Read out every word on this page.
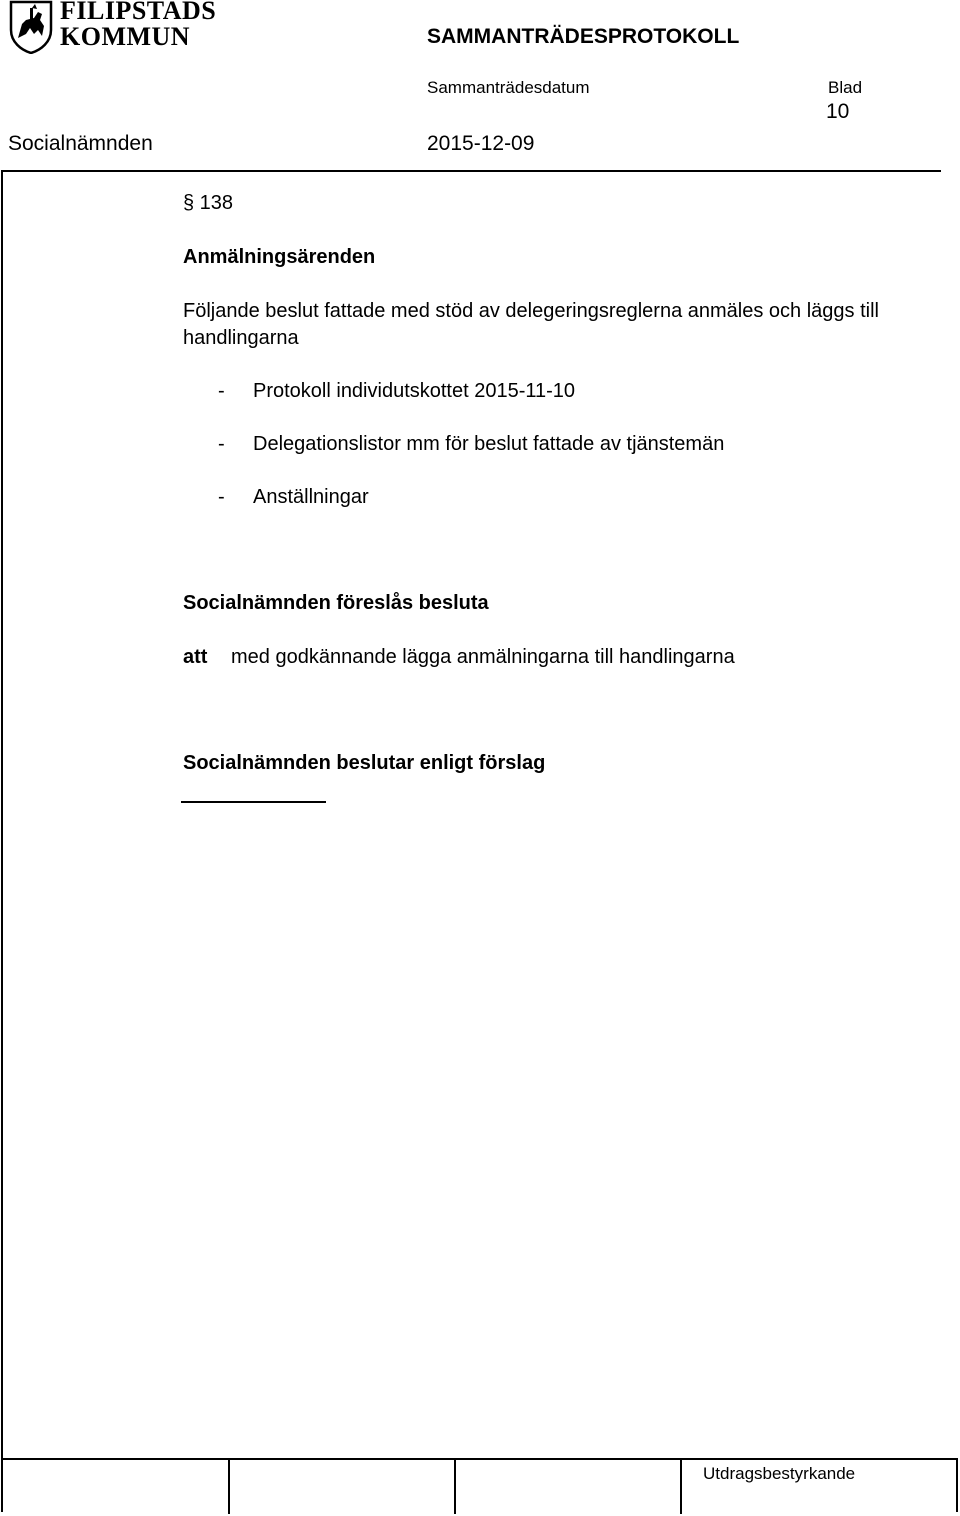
FILIPSTADS
KOMMUN	SAMMANTRÄDESPROTOKOLL
Sammanträdesdatum	Blad
10
Socialnämnden	2015-12-09
§ 138
Anmälningsärenden
Följande beslut fattade med stöd av delegeringsreglerna anmäles och läggs till handlingarna
- Protokoll individutskottet 2015-11-10
- Delegationslistor mm för beslut fattade av tjänstemän
- Anställningar
Socialnämnden föreslås besluta
att med godkännande lägga anmälningarna till handlingarna
Socialnämnden beslutar enligt förslag
Utdragsbestyrkande
